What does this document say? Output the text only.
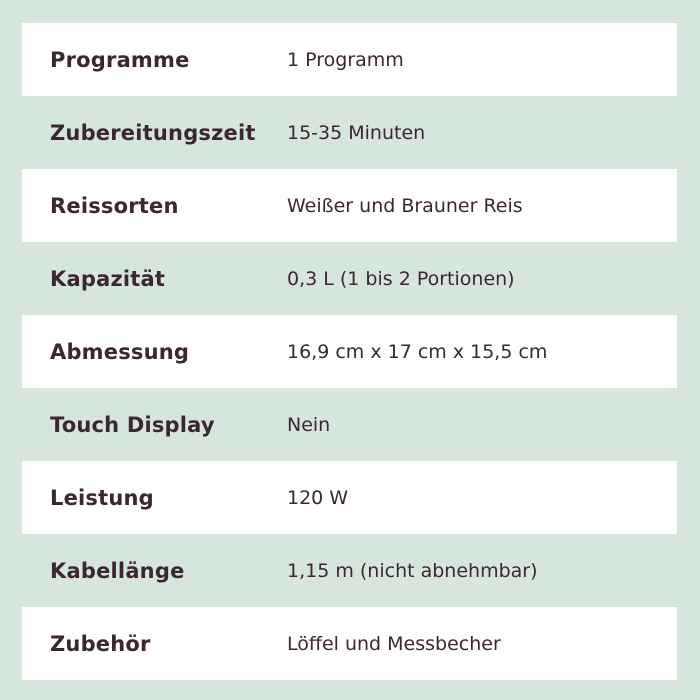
Programme	1 Programm
Zubereitungszeit 15-35 Minuten
Reissorten	Weißer und Brauner Reis
Kapazität	0,3 L (1 bis 2 Portionen)
Abmessung	16,9 cm x 17 cm x 15,5 cm
Touch Display	Nein
Leistung	120 W
Kabellänge	1,15 m (nicht abnehmbar)
Zubehör	Löffel und Messbecher
